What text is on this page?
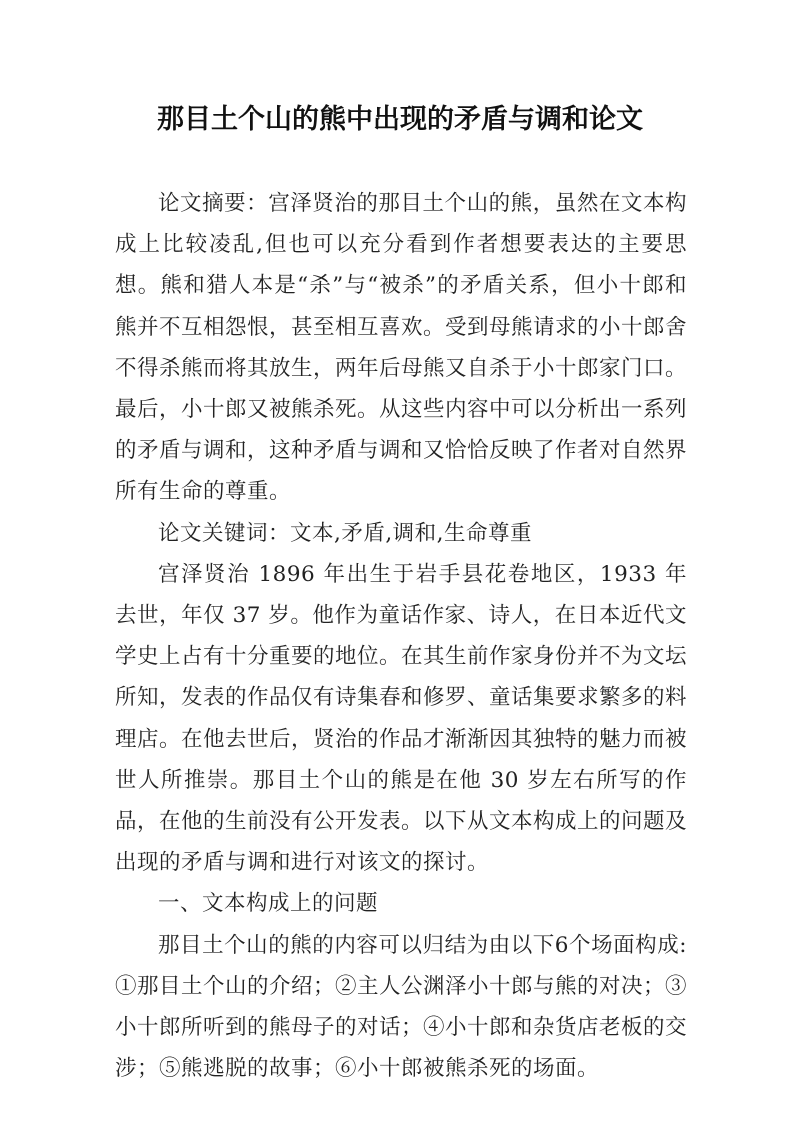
那目土个山的熊中出现的矛盾与调和论文

论文摘要：宫泽贤治的那目土个山的熊，虽然在文本构成上比较凌乱,但也可以充分看到作者想要表达的主要思想。熊和猎人本是“杀”与“被杀”的矛盾关系，但小十郎和熊并不互相怨恨，甚至相互喜欢。受到母熊请求的小十郎舍不得杀熊而将其放生，两年后母熊又自杀于小十郎家门口。最后，小十郎又被熊杀死。从这些内容中可以分析出一系列的矛盾与调和，这种矛盾与调和又恰恰反映了作者对自然界所有生命的尊重。

论文关键词：文本,矛盾,调和,生命尊重

宫泽贤治 1896 年出生于岩手县花卷地区，1933 年去世，年仅 37 岁。他作为童话作家、诗人，在日本近代文学史上占有十分重要的地位。在其生前作家身份并不为文坛所知，发表的作品仅有诗集春和修罗、童话集要求繁多的料理店。在他去世后，贤治的作品才渐渐因其独特的魅力而被世人所推崇。那目土个山的熊是在他 30 岁左右所写的作品，在他的生前没有公开发表。以下从文本构成上的问题及出现的矛盾与调和进行对该文的探讨。

一、文本构成上的问题

那目土个山的熊的内容可以归结为由以下6个场面构成:①那目土个山的介绍；②主人公渊泽小十郎与熊的对决；③小十郎所听到的熊母子的对话；④小十郎和杂货店老板的交涉；⑤熊逃脱的故事；⑥小十郎被熊杀死的场面。
